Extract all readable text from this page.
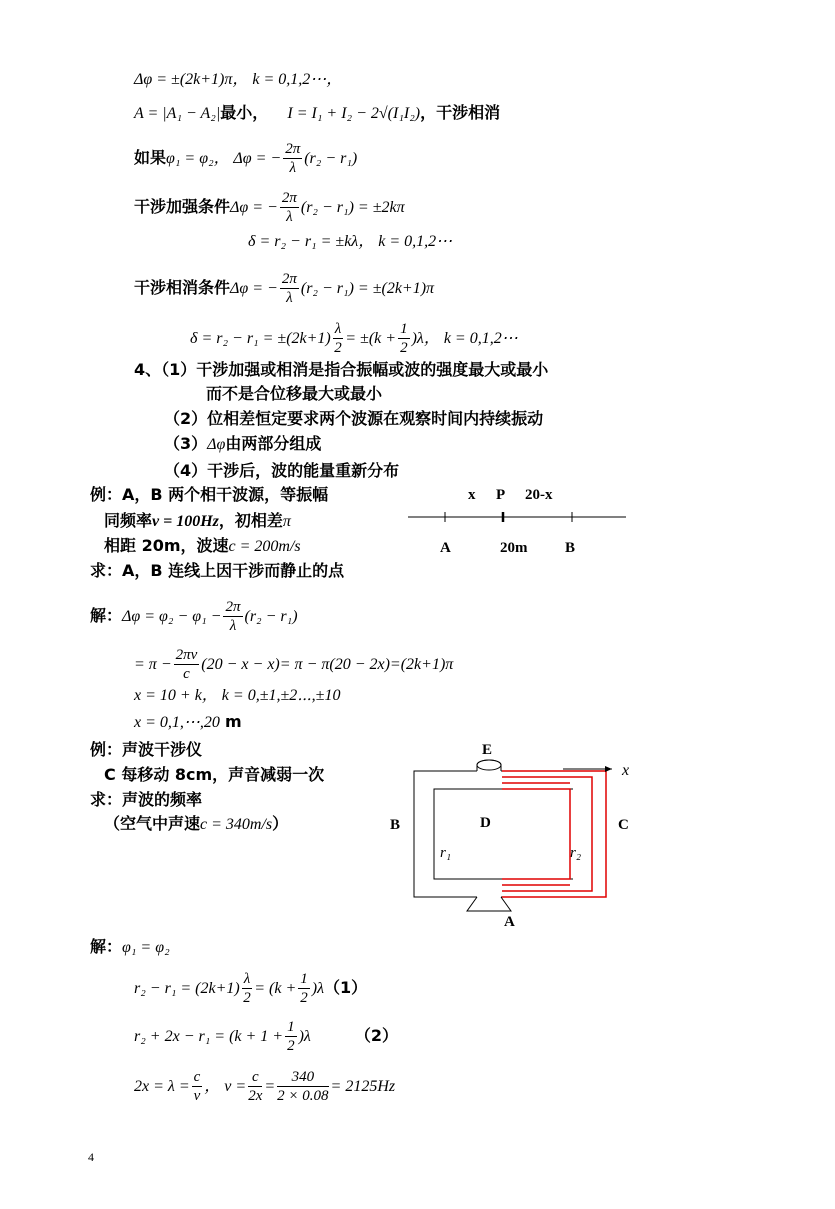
Δφ = ±(2k+1)π， k = 0,1,2⋯，
A = |A₁ − A₂|最小， I = I₁ + I₂ − 2√(I₁I₂)，干涉相消
如果φ₁ = φ₂， Δφ = − $\frac{2\pi}{\lambda} (r_2 - r_1)$
干涉加强条件Δφ = − $\frac{2\pi}{\lambda} (r_2 - r_1) = \pm 2k\pi$
δ = r₂ − r₁ = ±kλ， k = 0,1,2⋯
干涉相消条件Δφ = − $\frac{2\pi}{\lambda} (r_2 - r_1) = \pm(2k+1)\pi$
$\delta = r_2 - r_1 = \pm(2k+1) \frac{\lambda}{2} = \pm(k + \frac{1}{2} )\lambda$， k = 0,1,2⋯
4、（1）干涉加强或相消是指合振幅或波的强度最大或最小
而不是合位移最大或最小
（2）位相差恒定要求两个波源在观察时间内持续振动
（3）Δφ由两部分组成
（4）干涉后，波的能量重新分布
例：A，B 两个相干波源，等振幅
同频率ν = 100Hz，初相差π
相距 20m，波速c = 200m/s
求：A，B 连线上因干涉而静止的点
x P 20-x
A	20m	B
解：$\Delta\varphi = \varphi_2 - \varphi_1 - \frac{2\pi}{\lambda} (r_2 - r_1)$
= $\pi - \frac{2\pi\nu}{c} (20 - x - x)= \pi - \pi(20 - 2x)=(2k+1)\pi$
x = 10 + k， k = 0,±1,±2⋯,±10
x = 0,1,⋯,20 m
例：声波干涉仪
C 每移动 8cm，声音减弱一次
求：声波的频率
（空气中声速c = 340m/s）
E
x
B	D	C
r₁	r₂
A
解：φ₁ = φ₂
$r_2 - r_1 = (2k+1) \frac{\lambda}{2} = (k + \frac{1}{2} )\lambda(1)$
$r_2 + 2x - r_1 = (k + 1 + \frac{1}{2} )\lambda$	（2）
$2x = \lambda = \frac{c}{\nu}$ ， $\nu = \frac{c}{2x} = \frac{340}{2 \times 0.08} = 2125Hz$
4
